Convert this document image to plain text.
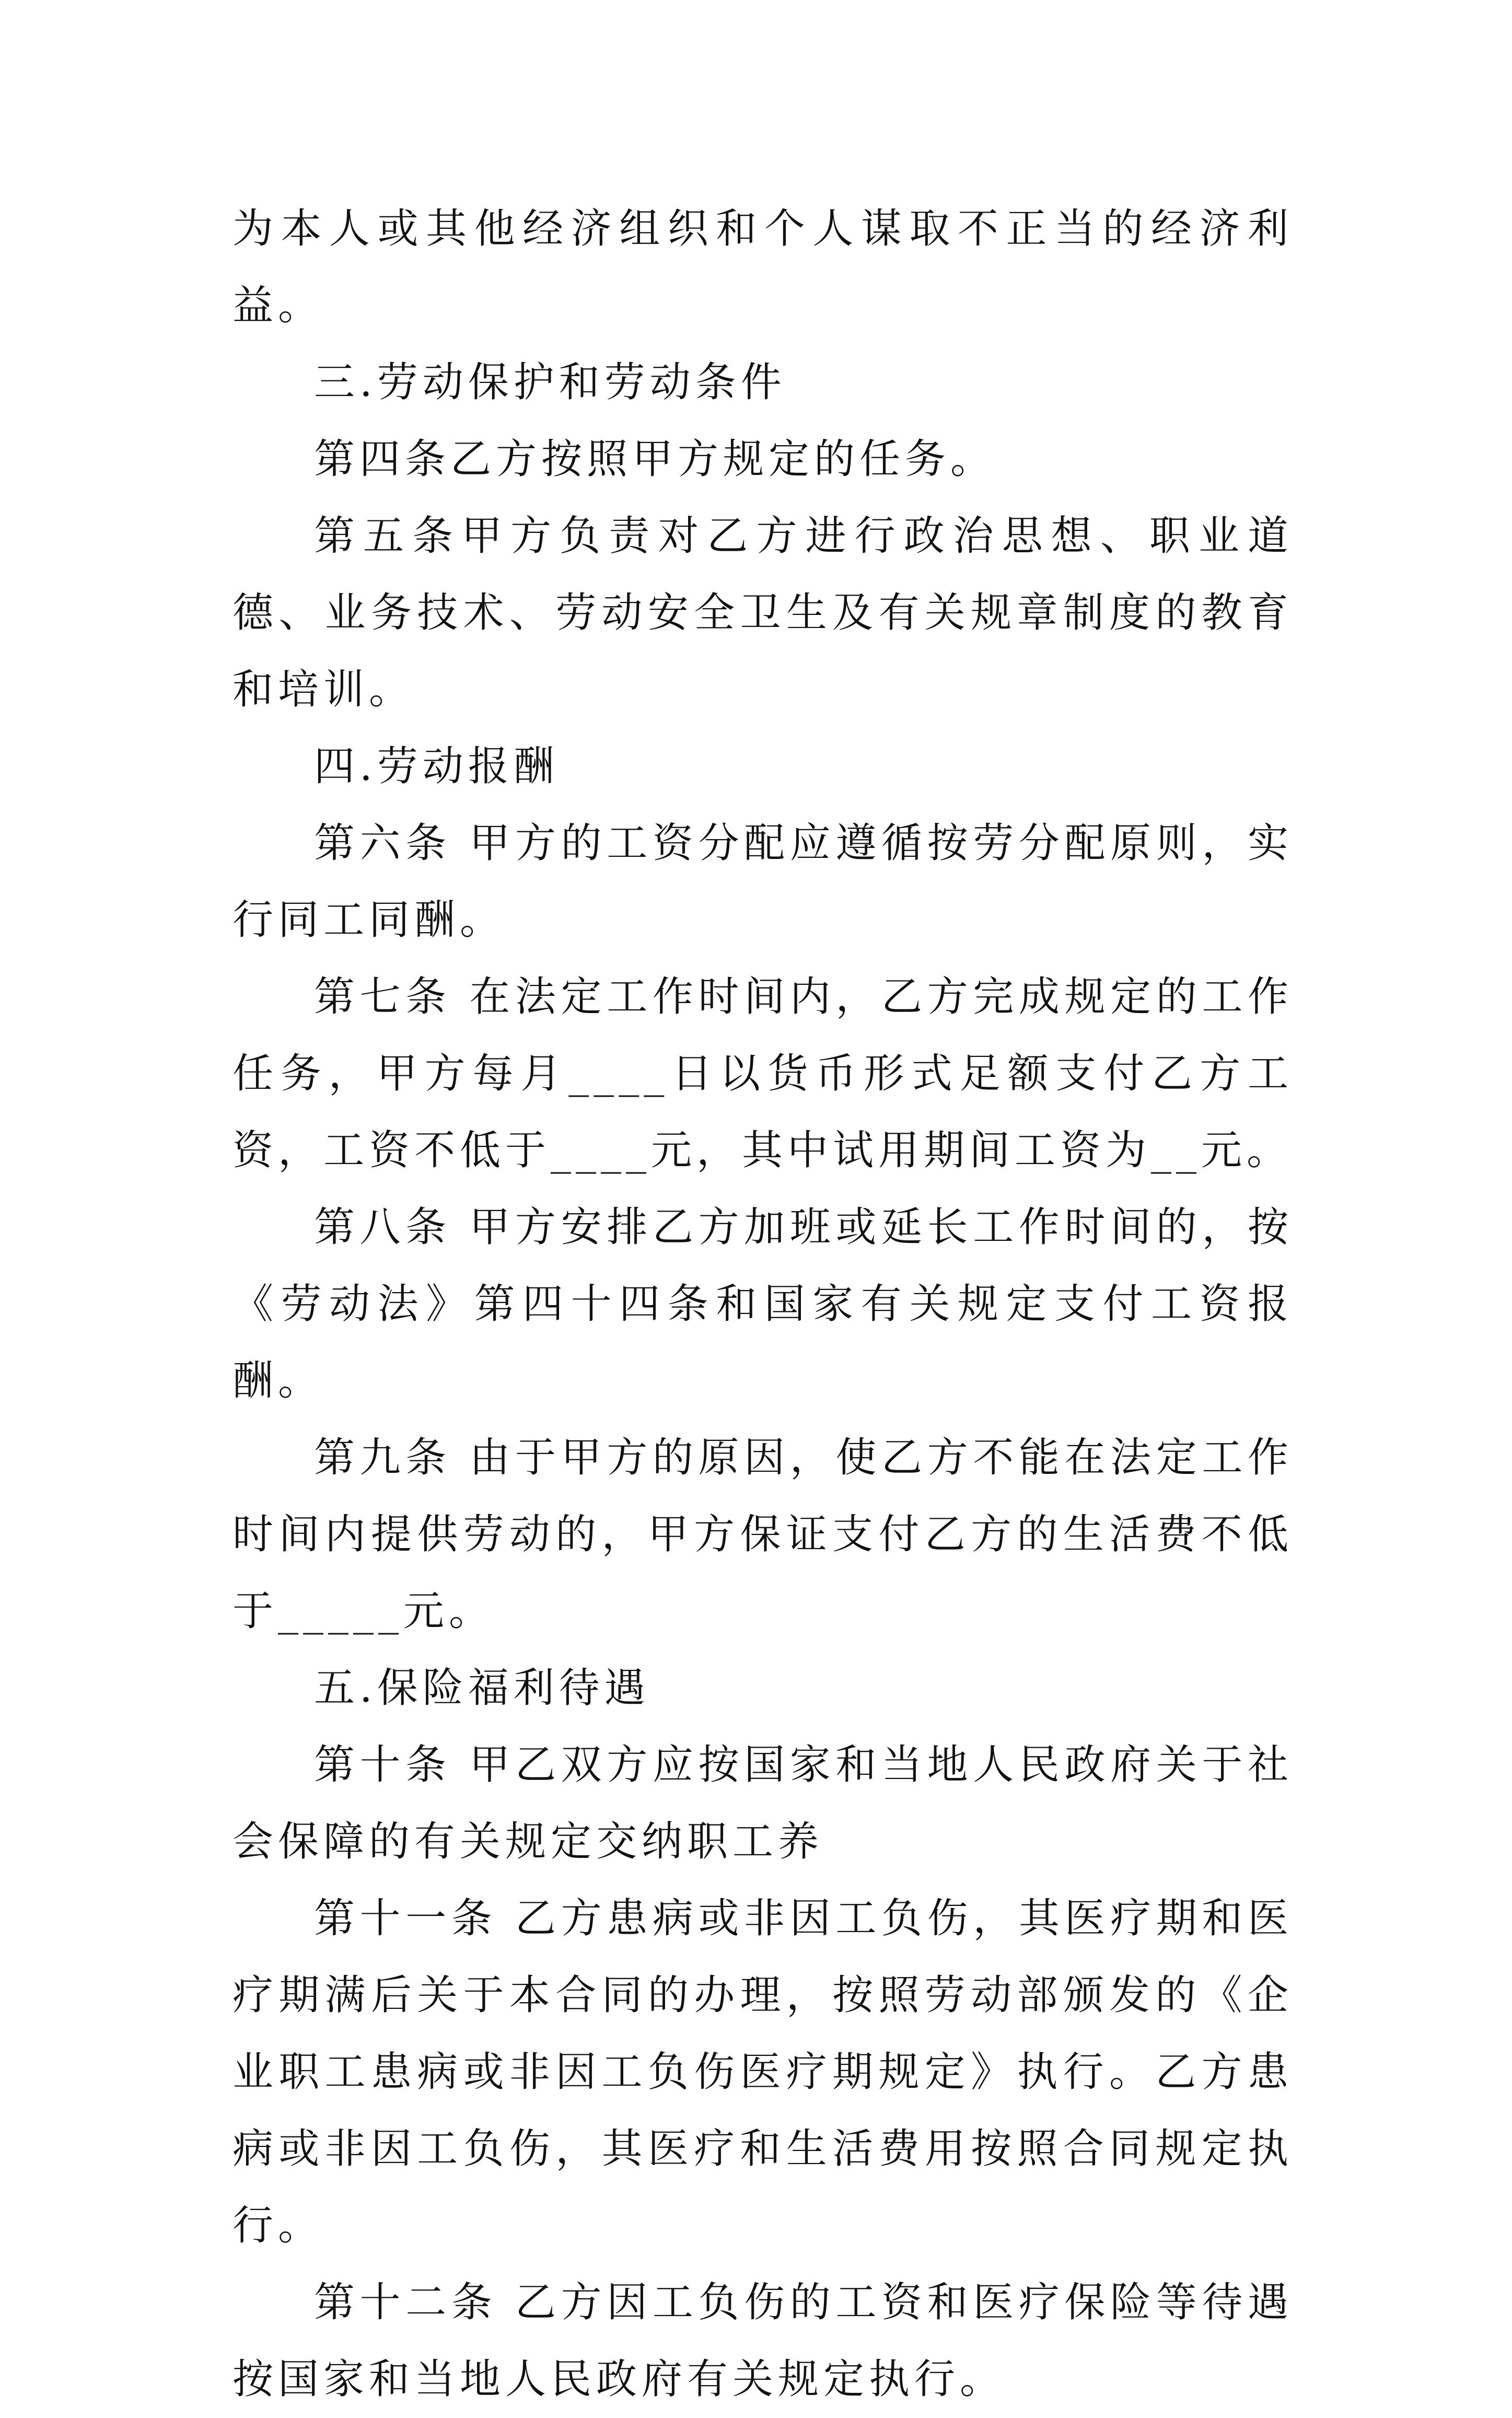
为本人或其他经济组织和个人谋取不正当的经济利益。

三.劳动保护和劳动条件

第四条乙方按照甲方规定的任务。

第五条甲方负责对乙方进行政治思想、职业道德、业务技术、劳动安全卫生及有关规章制度的教育和培训。

四.劳动报酬

第六条 甲方的工资分配应遵循按劳分配原则，实行同工同酬。

第七条 在法定工作时间内，乙方完成规定的工作任务，甲方每月____日以货币形式足额支付乙方工资，工资不低于____元，其中试用期间工资为__元。

第八条 甲方安排乙方加班或延长工作时间的，按《劳动法》第四十四条和国家有关规定支付工资报酬。

第九条 由于甲方的原因，使乙方不能在法定工作时间内提供劳动的，甲方保证支付乙方的生活费不低于_____元。

五.保险福利待遇

第十条 甲乙双方应按国家和当地人民政府关于社会保障的有关规定交纳职工养

第十一条 乙方患病或非因工负伤，其医疗期和医疗期满后关于本合同的办理，按照劳动部颁发的《企业职工患病或非因工负伤医疗期规定》执行。乙方患病或非因工负伤，其医疗和生活费用按照合同规定执行。

第十二条 乙方因工负伤的工资和医疗保险等待遇按国家和当地人民政府有关规定执行。
